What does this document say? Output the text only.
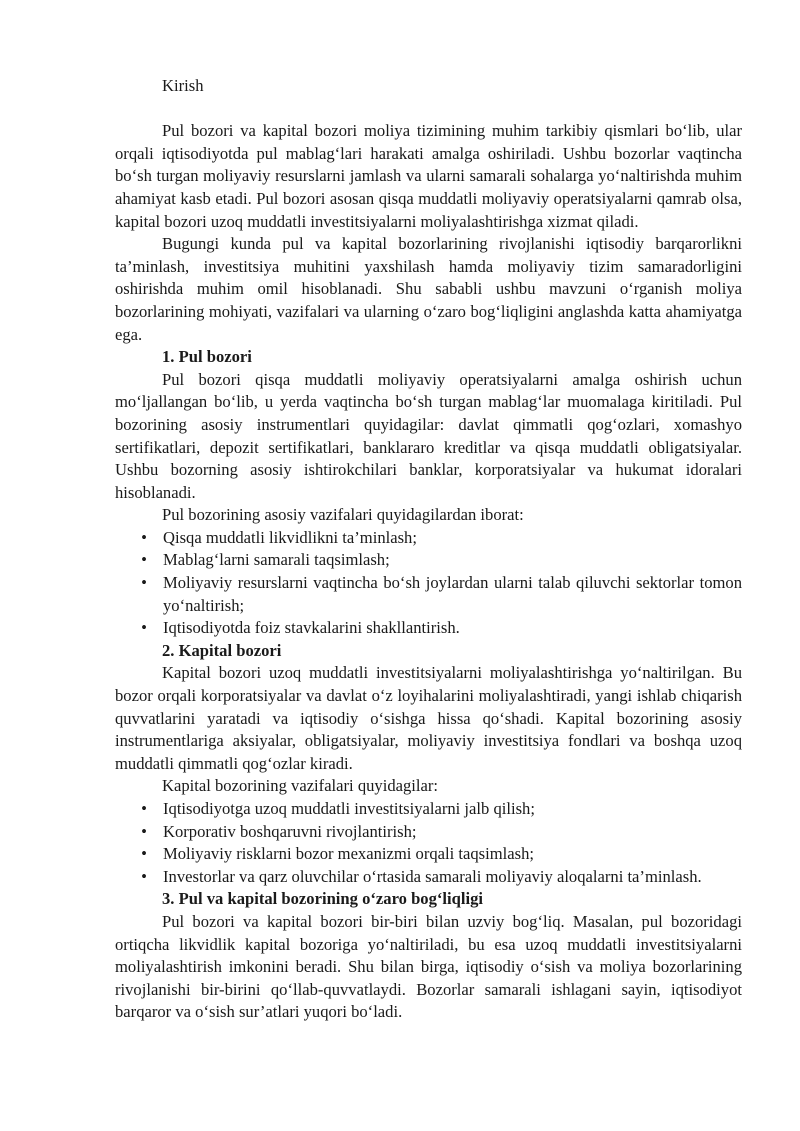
Kirish

Pul bozori va kapital bozori moliya tizimining muhim tarkibiy qismlari bo‘lib, ular orqali iqtisodiyotda pul mablag‘lari harakati amalga oshiriladi. Ushbu bozorlar vaqtincha bo‘sh turgan moliyaviy resurslarni jamlash va ularni samarali sohalarga yo‘naltirishda muhim ahamiyat kasb etadi. Pul bozori asosan qisqa muddatli moliyaviy operatsiyalarni qamrab olsa, kapital bozori uzoq muddatli investitsiyalarni moliyalashtirishga xizmat qiladi.

Bugungi kunda pul va kapital bozorlarining rivojlanishi iqtisodiy barqarorlikni ta’minlash, investitsiya muhitini yaxshilash hamda moliyaviy tizim samaradorligini oshirishda muhim omil hisoblanadi. Shu sababli ushbu mavzuni o‘rganish moliya bozorlarining mohiyati, vazifalari va ularning o‘zaro bog‘liqligini anglashda katta ahamiyatga ega.

1. Pul bozori

Pul bozori qisqa muddatli moliyaviy operatsiyalarni amalga oshirish uchun mo‘ljallangan bo‘lib, u yerda vaqtincha bo‘sh turgan mablag‘lar muomalaga kiritiladi. Pul bozorining asosiy instrumentlari quyidagilar: davlat qimmatli qog‘ozlari, xomashyo sertifikatlari, depozit sertifikatlari, banklararo kreditlar va qisqa muddatli obligatsiyalar. Ushbu bozorning asosiy ishtirokchilari banklar, korporatsiyalar va hukumat idoralari hisoblanadi.

Pul bozorining asosiy vazifalari quyidagilardan iborat:

• Qisqa muddatli likvidlikni ta’minlash;
• Mablag‘larni samarali taqsimlash;
• Moliyaviy resurslarni vaqtincha bo‘sh joylardan ularni talab qiluvchi sektorlar tomon yo‘naltirish;
• Iqtisodiyotda foiz stavkalarini shakllantirish.

2. Kapital bozori

Kapital bozori uzoq muddatli investitsiyalarni moliyalashtirishga yo‘naltirilgan. Bu bozor orqali korporatsiyalar va davlat o‘z loyihalarini moliyalashtiradi, yangi ishlab chiqarish quvvatlarini yaratadi va iqtisodiy o‘sishga hissa qo‘shadi. Kapital bozorining asosiy instrumentlariga aksiyalar, obligatsiyalar, moliyaviy investitsiya fondlari va boshqa uzoq muddatli qimmatli qog‘ozlar kiradi.

Kapital bozorining vazifalari quyidagilar:

• Iqtisodiyotga uzoq muddatli investitsiyalarni jalb qilish;
• Korporativ boshqaruvni rivojlantirish;
• Moliyaviy risklarni bozor mexanizmi orqali taqsimlash;
• Investorlar va qarz oluvchilar o‘rtasida samarali moliyaviy aloqalarni ta’minlash.

3. Pul va kapital bozorining o‘zaro bog‘liqligi

Pul bozori va kapital bozori bir-biri bilan uzviy bog‘liq. Masalan, pul bozoridagi ortiqcha likvidlik kapital bozoriga yo‘naltiriladi, bu esa uzoq muddatli investitsiyalarni moliyalashtirish imkonini beradi. Shu bilan birga, iqtisodiy o‘sish va moliya bozorlarining rivojlanishi bir-birini qo‘llab-quvvatlaydi. Bozorlar samarali ishlagani sayin, iqtisodiyot barqaror va o‘sish sur’atlari yuqori bo‘ladi.
